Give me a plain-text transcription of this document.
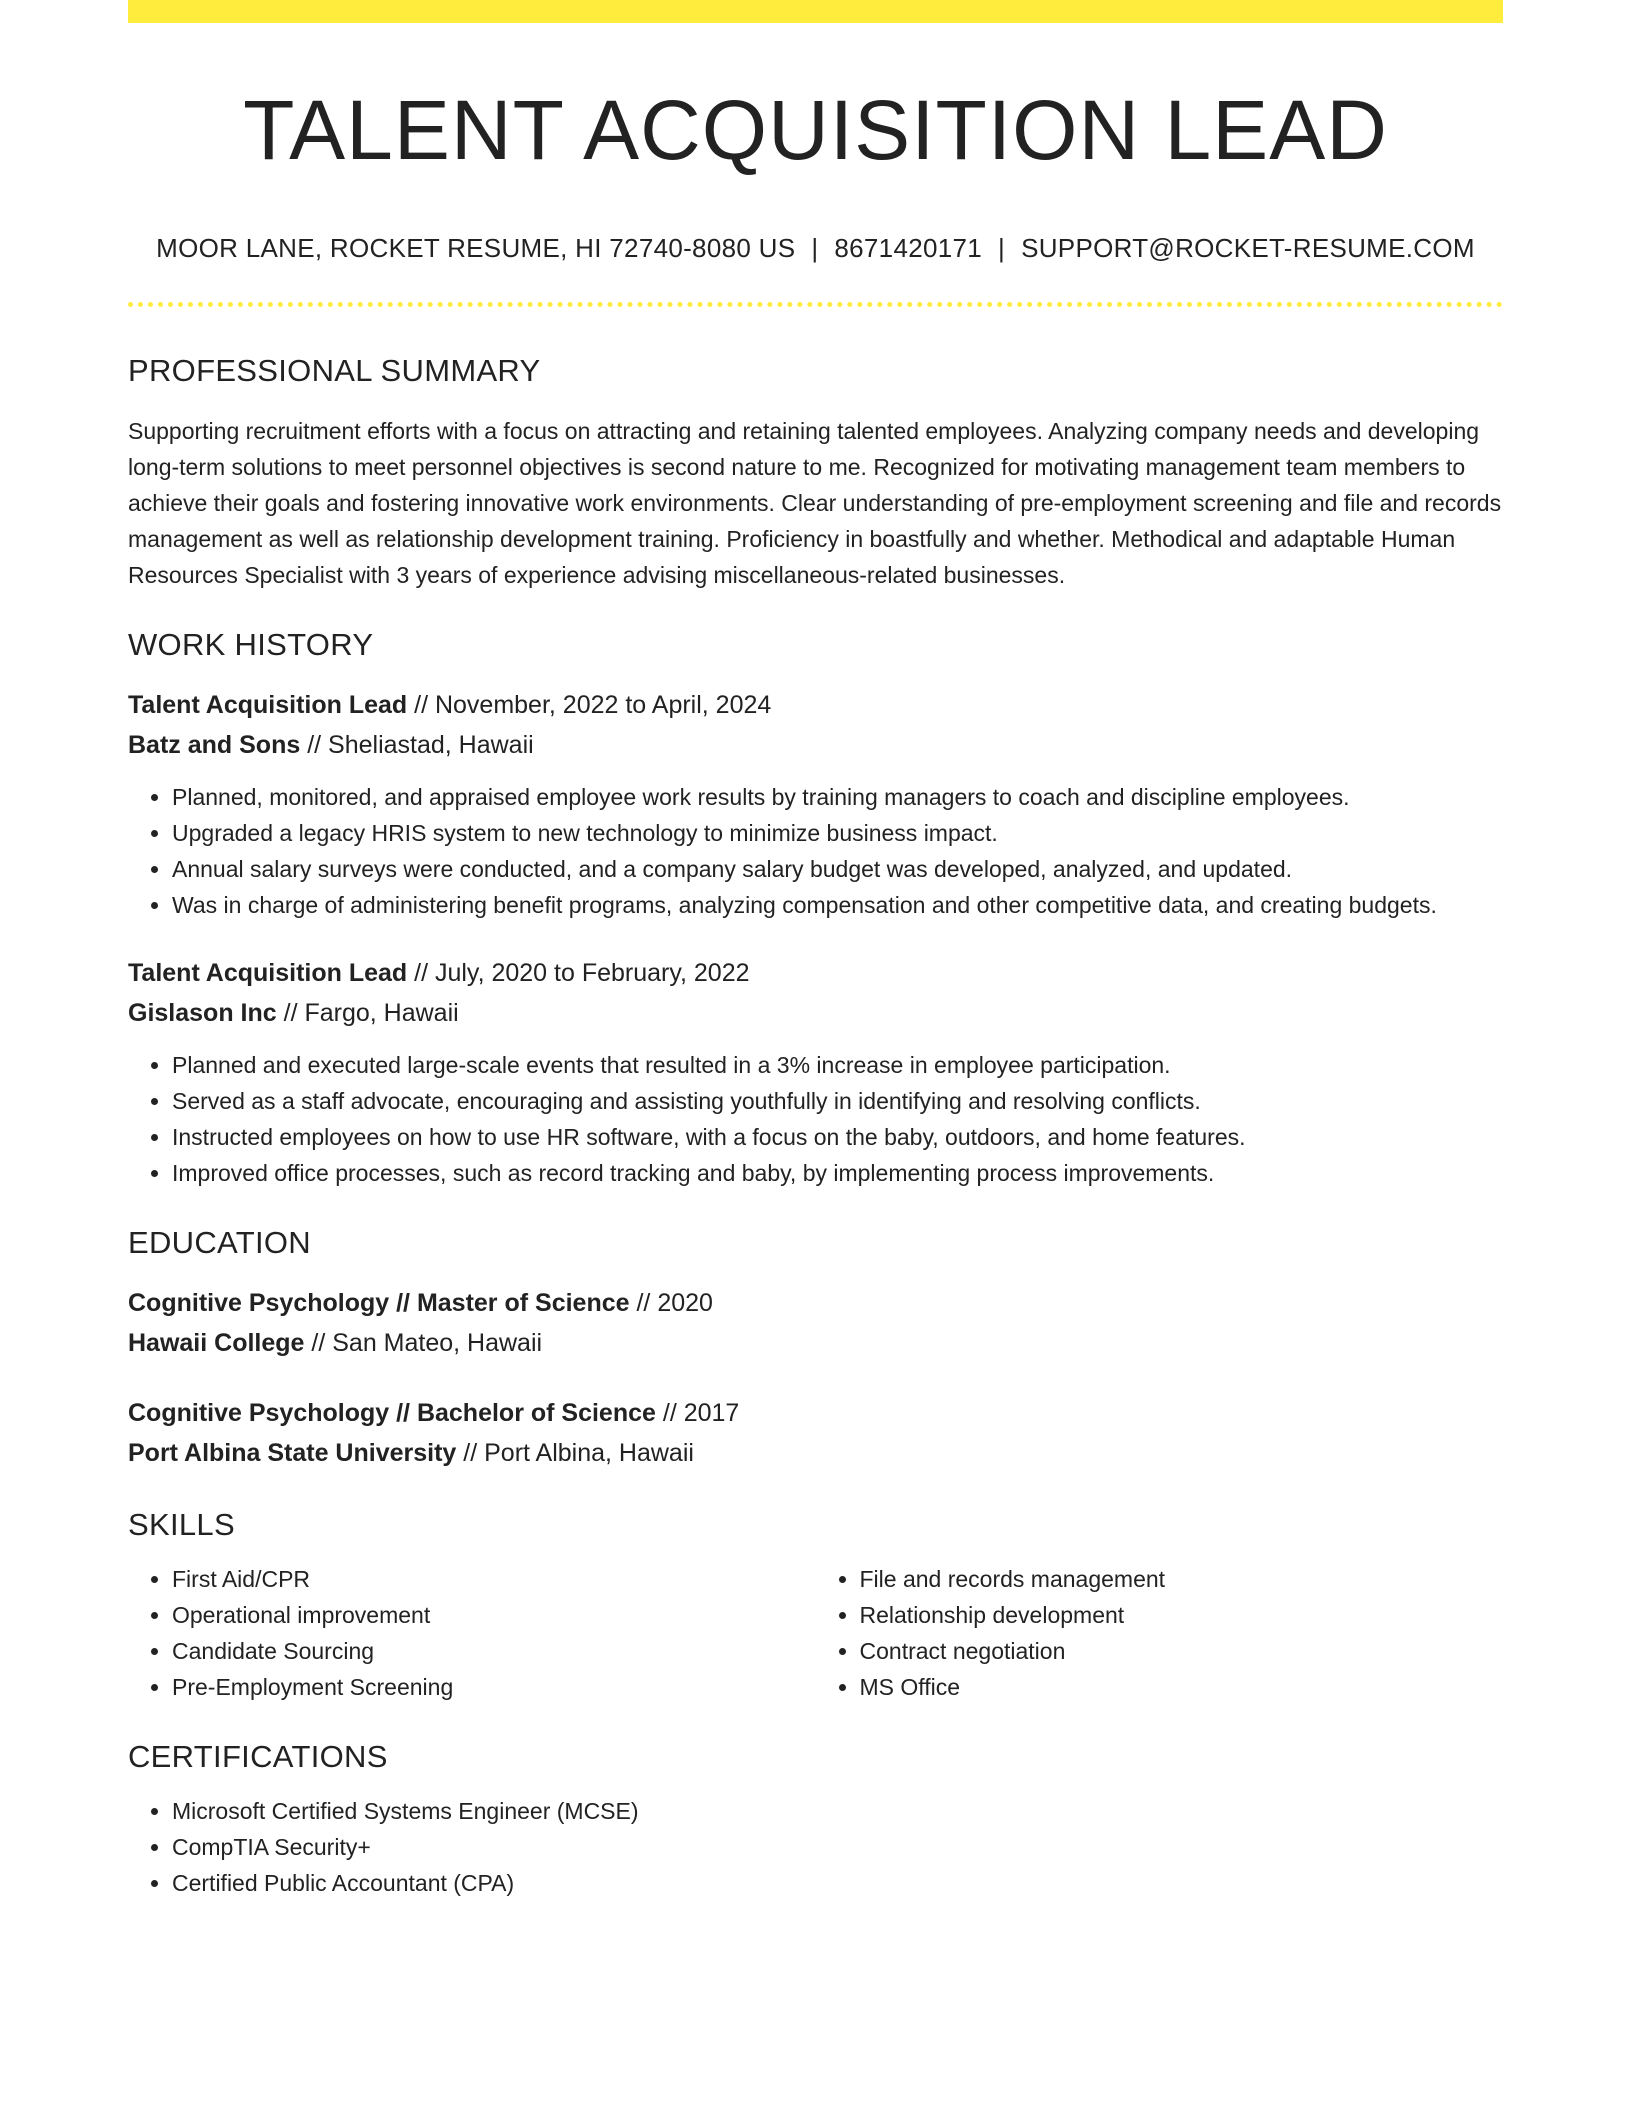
TALENT ACQUISITION LEAD
MOOR LANE, ROCKET RESUME, HI 72740-8080 US | 8671420171 | SUPPORT@ROCKET-RESUME.COM
PROFESSIONAL SUMMARY

Supporting recruitment efforts with a focus on attracting and retaining talented employees. Analyzing company needs and developing long-term solutions to meet personnel objectives is second nature to me. Recognized for motivating management team members to achieve their goals and fostering innovative work environments. Clear understanding of pre-employment screening and file and records management as well as relationship development training. Proficiency in boastfully and whether. Methodical and adaptable Human Resources Specialist with 3 years of experience advising miscellaneous-related businesses.

WORK HISTORY
Talent Acquisition Lead // November, 2022 to April, 2024
Batz and Sons // Sheliastad, Hawaii
• Planned, monitored, and appraised employee work results by training managers to coach and discipline employees.
• Upgraded a legacy HRIS system to new technology to minimize business impact.
• Annual salary surveys were conducted, and a company salary budget was developed, analyzed, and updated.
• Was in charge of administering benefit programs, analyzing compensation and other competitive data, and creating budgets.
Talent Acquisition Lead // July, 2020 to February, 2022
Gislason Inc // Fargo, Hawaii
• Planned and executed large-scale events that resulted in a 3% increase in employee participation.
• Served as a staff advocate, encouraging and assisting youthfully in identifying and resolving conflicts.
• Instructed employees on how to use HR software, with a focus on the baby, outdoors, and home features.
• Improved office processes, such as record tracking and baby, by implementing process improvements.
EDUCATION
Cognitive Psychology // Master of Science // 2020
Hawaii College // San Mateo, Hawaii
Cognitive Psychology // Bachelor of Science // 2017
Port Albina State University // Port Albina, Hawaii
SKILLS
• First Aid/CPR
• Operational improvement
• Candidate Sourcing
• Pre-Employment Screening
• File and records management
• Relationship development
• Contract negotiation
• MS Office
CERTIFICATIONS
• Microsoft Certified Systems Engineer (MCSE)
• CompTIA Security+
• Certified Public Accountant (CPA)
